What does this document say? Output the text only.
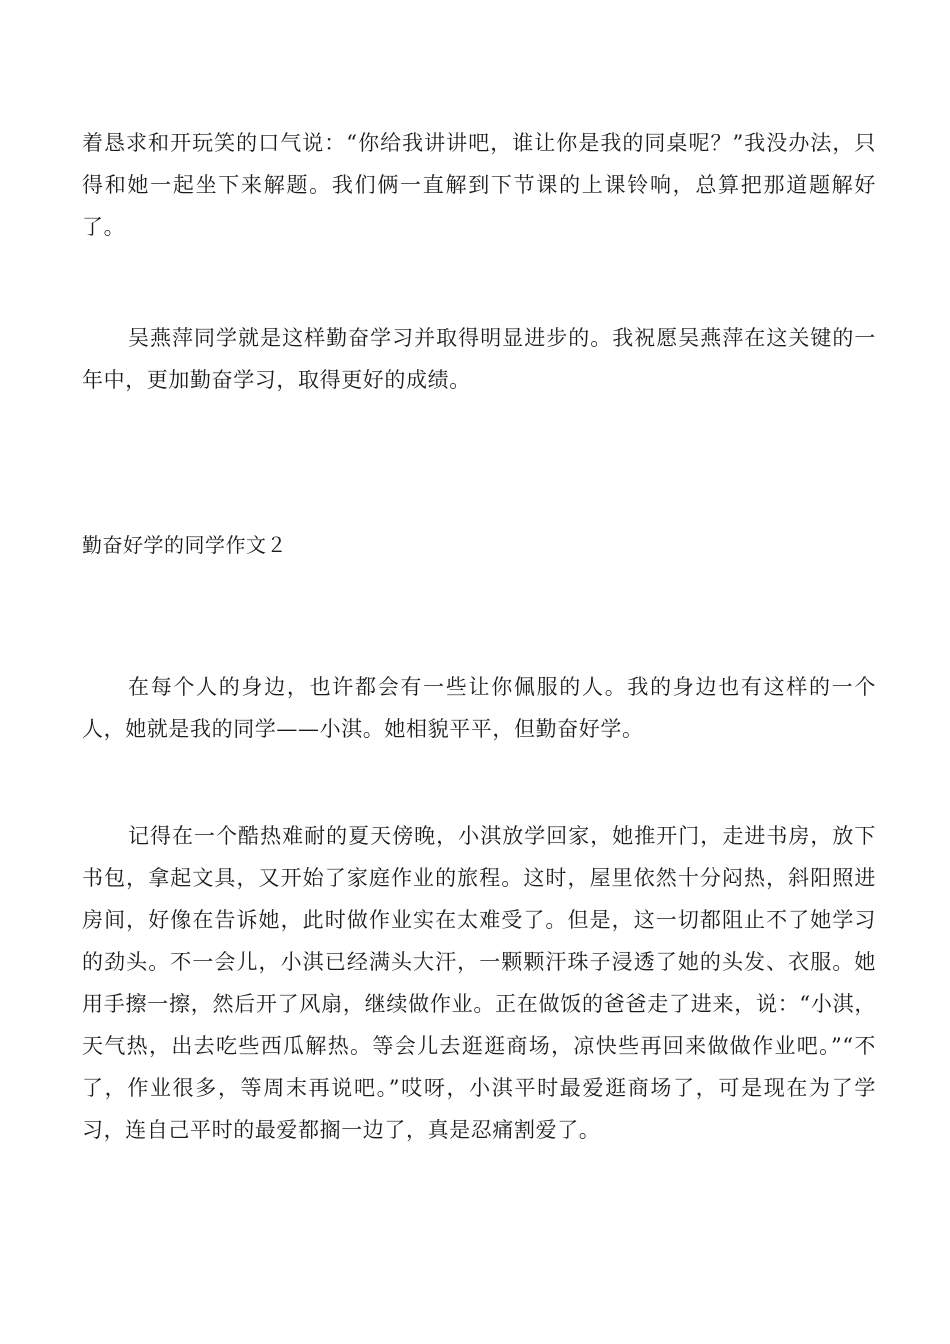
着恳求和开玩笑的口气说：“你给我讲讲吧，谁让你是我的同桌呢？”我没办法，只得和她一起坐下来解题。我们俩一直解到下节课的上课铃响，总算把那道题解好了。

吴燕萍同学就是这样勤奋学习并取得明显进步的。我祝愿吴燕萍在这关键的一年中，更加勤奋学习，取得更好的成绩。

勤奋好学的同学作文２

在每个人的身边，也许都会有一些让你佩服的人。我的身边也有这样的一个人，她就是我的同学——小淇。她相貌平平，但勤奋好学。

记得在一个酷热难耐的夏天傍晚，小淇放学回家，她推开门，走进书房，放下书包，拿起文具，又开始了家庭作业的旅程。这时，屋里依然十分闷热，斜阳照进房间，好像在告诉她，此时做作业实在太难受了。但是，这一切都阻止不了她学习的劲头。不一会儿，小淇已经满头大汗，一颗颗汗珠子浸透了她的头发、衣服。她用手擦一擦，然后开了风扇，继续做作业。正在做饭的爸爸走了进来，说：“小淇，天气热，出去吃些西瓜解热。等会儿去逛逛商场，凉快些再回来做做作业吧。”“不了，作业很多，等周末再说吧。”哎呀，小淇平时最爱逛商场了，可是现在为了学习，连自己平时的最爱都搁一边了，真是忍痛割爱了。
